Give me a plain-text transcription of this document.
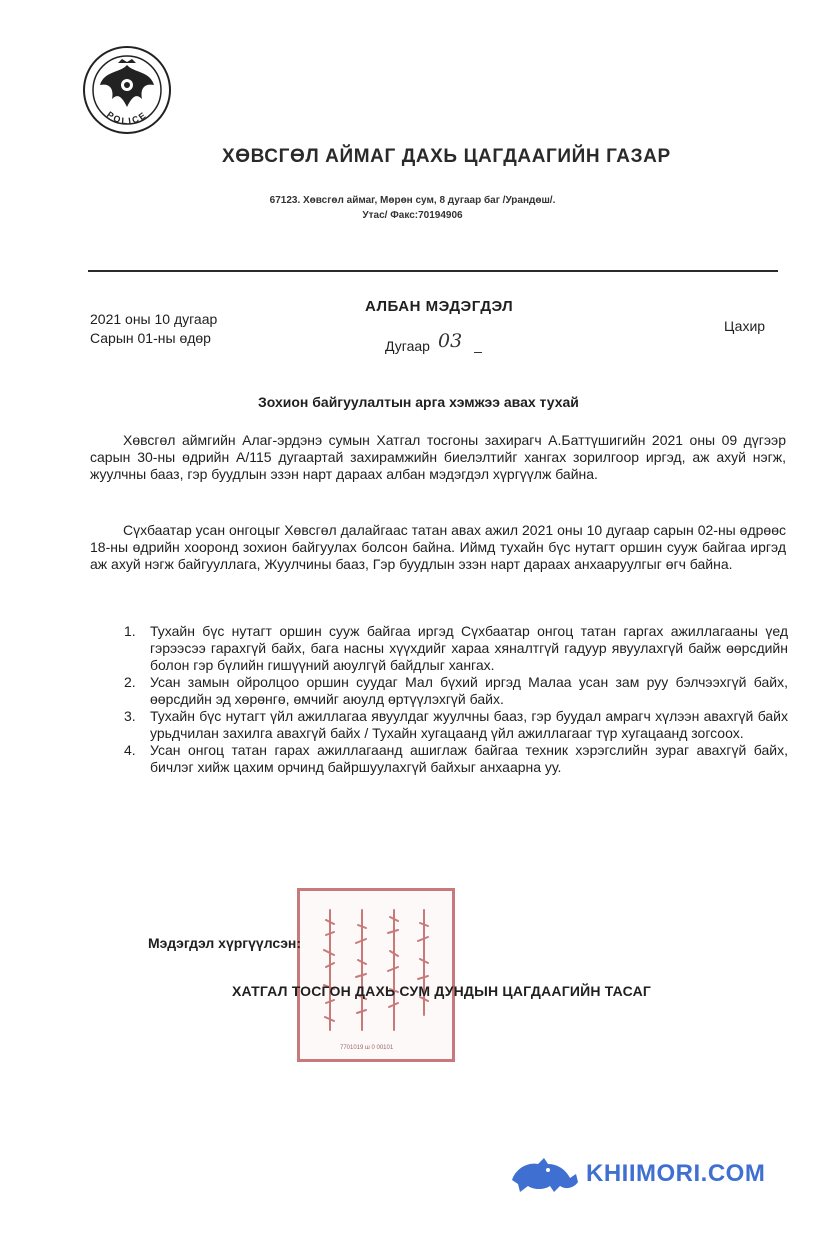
POLICE
ХӨВСГӨЛ АЙМАГ ДАХЬ ЦАГДААГИЙН ГАЗАР
67123. Хөвсгөл аймаг, Мөрөн сум, 8 дугаар баг /Урандөш/.
Утас/ Факс:70194906
АЛБАН МЭДЭГДЭЛ
2021 оны 10 дугаар
Сарын 01-ны өдөр
Цахир
Дугаар 03
Зохион байгуулалтын арга хэмжээ авах тухай

Хөвсгөл аймгийн Алаг-эрдэнэ сумын Хатгал тосгоны захирагч А.Баттүшигийн 2021 оны 09 дүгээр сарын 30-ны өдрийн А/115 дугаартай захирамжийн биелэлтийг хангах зорилгоор иргэд, аж ахуй нэгж, жуулчны бааз, гэр буудлын эзэн нарт дараах албан мэдэгдэл хүргүүлж байна.

Сүхбаатар усан онгоцыг Хөвсгөл далайгаас татан авах ажил 2021 оны 10 дугаар сарын 02-ны өдрөөс 18-ны өдрийн хооронд зохион байгуулах болсон байна. Иймд тухайн бүс нутагт оршин сууж байгаа иргэд аж ахуй нэгж байгууллага, Жуулчины бааз, Гэр буудлын эзэн нарт дараах анхааруулгыг өгч байна.

1. Тухайн бүс нутагт оршин сууж байгаа иргэд Сүхбаатар онгоц татан гаргах ажиллагааны үед гэрээсээ гарахгүй байх, бага насны хүүхдийг хараа хяналтгүй гадуур явуулахгүй байж өөрсдийн болон гэр бүлийн гишүүний аюулгүй байдлыг хангах.
2. Усан замын ойролцоо оршин суудаг Мал бүхий иргэд Малаа усан зам руу бэлчээхгүй байх, өөрсдийн эд хөрөнгө, өмчийг аюулд өртүүлэхгүй байх.
3. Тухайн бүс нутагт үйл ажиллагаа явуулдаг жуулчны бааз, гэр буудал амрагч хүлээн авахгүй байх урьдчилан захилга авахгүй байх / Тухайн хугацаанд үйл ажиллагааг түр хугацаанд зогсоох.
4. Усан онгоц татан гарах ажиллагаанд ашиглаж байгаа техник хэрэгслийн зураг авахгүй байх, бичлэг хийж цахим орчинд байршуулахгүй байхыг анхаарна уу.
7701019 ш 0 00101
Мэдэгдэл хүргүүлсэн:
ХАТГАЛ ТОСГОН ДАХЬ СУМ ДУНДЫН ЦАГДААГИЙН ТАСАГ
KHIIMORI.COM
